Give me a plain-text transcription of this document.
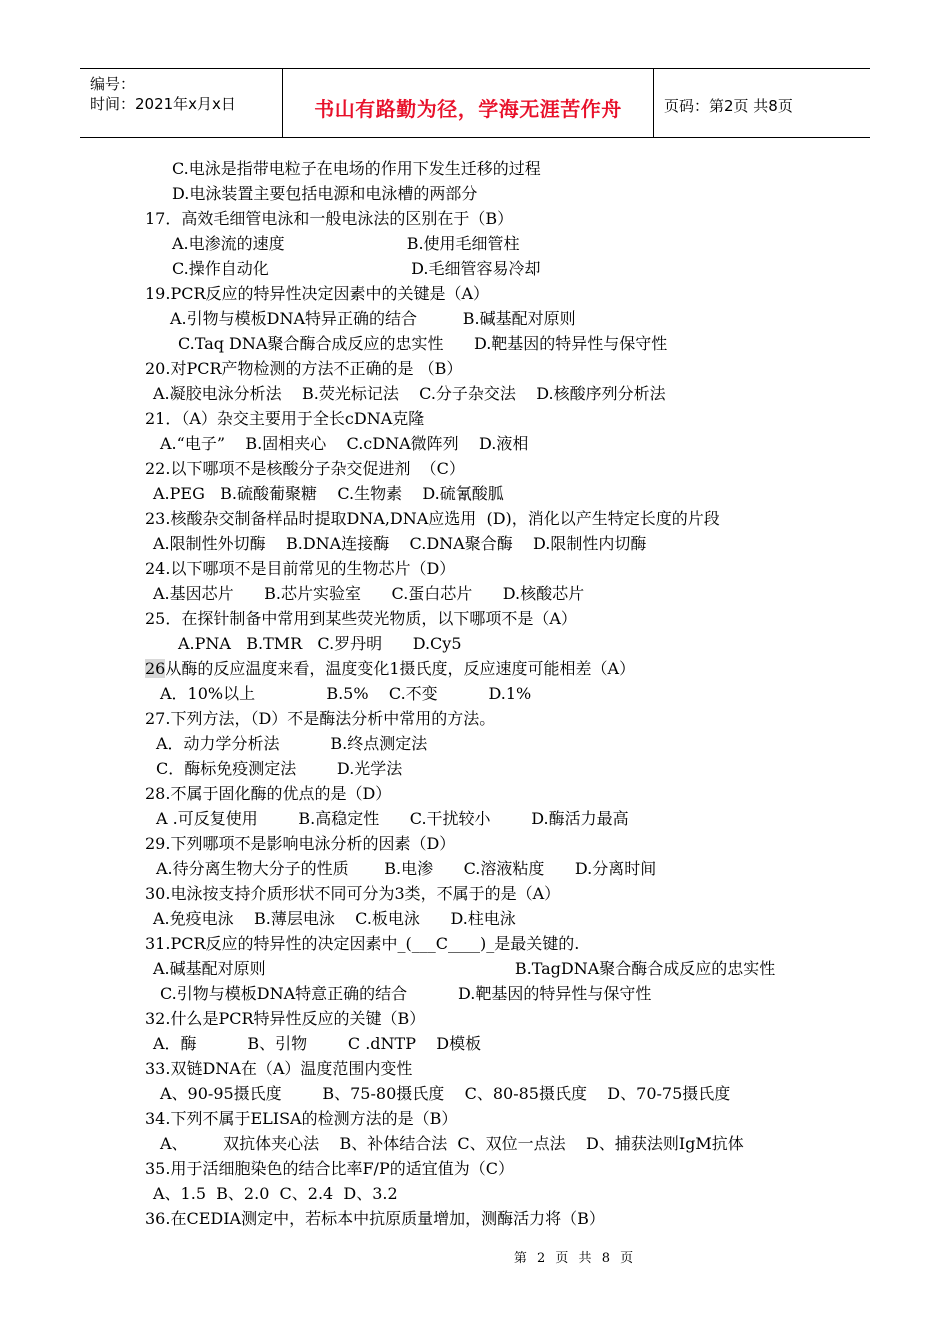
编号：
时间：2021年x月x日	书山有路勤为径，学海无涯苦作舟	页码：第2页 共8页
C.电泳是指带电粒子在电场的作用下发生迁移的过程
D.电泳装置主要包括电源和电泳槽的两部分
17．高效毛细管电泳和一般电泳法的区别在于（B）
A.电渗流的速度                        B.使用毛细管柱
C.操作自动化                            D.毛细管容易冷却
19.PCR反应的特异性决定因素中的关键是（A）
A.引物与模板DNA特异正确的结合         B.碱基配对原则
C.Taq DNA聚合酶合成反应的忠实性      D.靶基因的特异性与保守性
20.对PCR产物检测的方法不正确的是 （B）
A.凝胶电泳分析法    B.荧光标记法    C.分子杂交法    D.核酸序列分析法
21．（A）杂交主要用于全长cDNA克隆
A.“电子”    B.固相夹心    C.cDNA微阵列    D.液相
22.以下哪项不是核酸分子杂交促进剂  （C）
A.PEG   B.硫酸葡聚糖    C.生物素    D.硫氰酸胍
23.核酸杂交制备样品时提取DNA,DNA应选用  (D)，消化以产生特定长度的片段
A.限制性外切酶    B.DNA连接酶    C.DNA聚合酶    D.限制性内切酶
24.以下哪项不是目前常见的生物芯片（D）
A.基因芯片      B.芯片实验室      C.蛋白芯片      D.核酸芯片
25．在探针制备中常用到某些荧光物质，以下哪项不是（A）
A.PNA   B.TMR   C.罗丹明      D.Cy5
26从酶的反应温度来看，温度变化1摄氏度，反应速度可能相差（A）
A．10%以上              B.5%    C.不变          D.1%
27.下列方法，（D）不是酶法分析中常用的方法。
A．动力学分析法          B.终点测定法
C．酶标免疫测定法        D.光学法
28.不属于固化酶的优点的是（D）
A .可反复使用        B.高稳定性      C.干扰较小        D.酶活力最高
29.下列哪项不是影响电泳分析的因素（D）
A.待分离生物大分子的性质       B.电渗      C.溶液粘度      D.分离时间
30.电泳按支持介质形状不同可分为3类，不属于的是（A）
A.免疫电泳    B.薄层电泳    C.板电泳      D.柱电泳
31.PCR反应的特异性的决定因素中_(___C____)_是最关键的.
A.碱基配对原则                                                 B.TagDNA聚合酶合成反应的忠实性
C.引物与模板DNA特意正确的结合          D.靶基因的特异性与保守性
32.什么是PCR特异性反应的关键（B）
A．酶          B、引物        C .dNTP    D模板
33.双链DNA在（A）温度范围内变性
A、90-95摄氏度        B、75-80摄氏度    C、80-85摄氏度    D、70-75摄氏度
34.下列不属于ELISA的检测方法的是（B）
A、       双抗体夹心法    B、补体结合法  C、双位一点法    D、捕获法则IgM抗体
35.用于活细胞染色的结合比率F/P的适宜值为（C）
A、1.5  B、2.0  C、2.4  D、3.2
36.在CEDIA测定中，若标本中抗原质量增加，测酶活力将（B）
第 2 页 共 8 页
